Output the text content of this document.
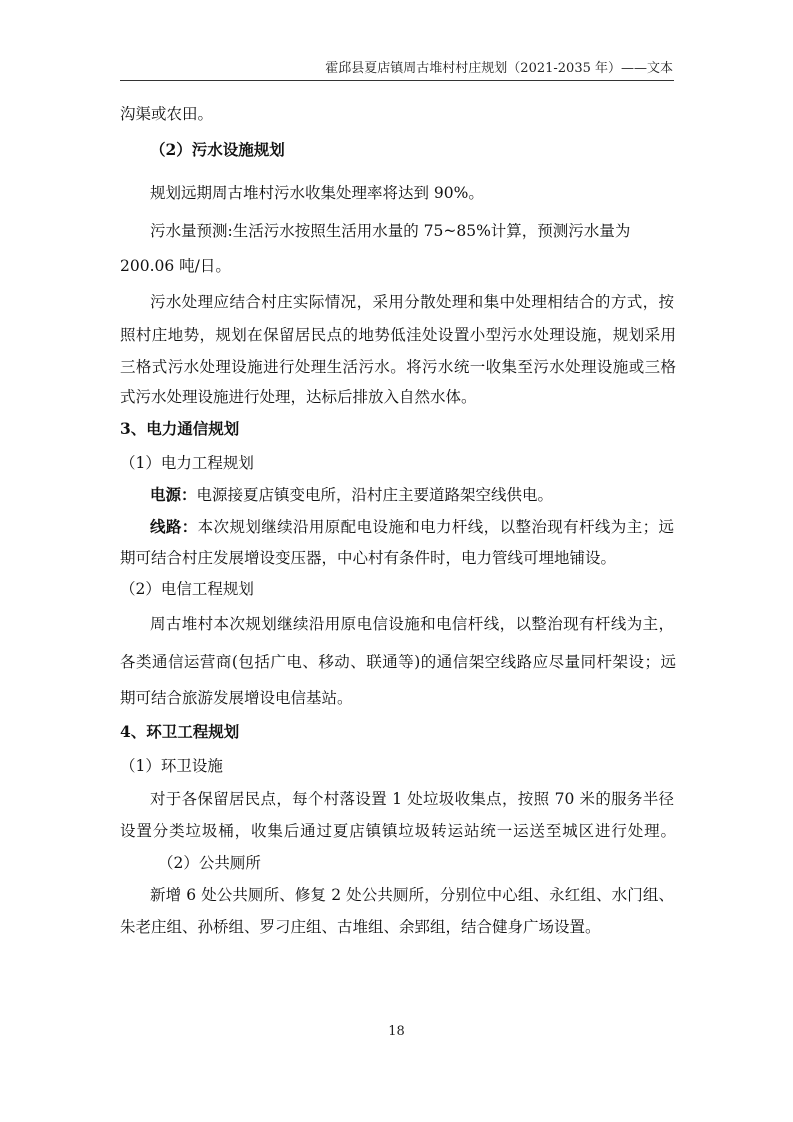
霍邱县夏店镇周古堆村村庄规划（2021-2035 年）——文本
沟渠或农田。
（2）污水设施规划
规划远期周古堆村污水收集处理率将达到 90%。
污水量预测:生活污水按照生活用水量的 75~85%计算，预测污水量为
200.06 吨/日。
污水处理应结合村庄实际情况，采用分散处理和集中处理相结合的方式，按
照村庄地势，规划在保留居民点的地势低洼处设置小型污水处理设施，规划采用
三格式污水处理设施进行处理生活污水。将污水统一收集至污水处理设施或三格
式污水处理设施进行处理，达标后排放入自然水体。
3、电力通信规划
（1）电力工程规划
电源：电源接夏店镇变电所，沿村庄主要道路架空线供电。
线路：本次规划继续沿用原配电设施和电力杆线，以整治现有杆线为主；远
期可结合村庄发展增设变压器，中心村有条件时，电力管线可埋地铺设。
（2）电信工程规划
周古堆村本次规划继续沿用原电信设施和电信杆线，以整治现有杆线为主，
各类通信运营商(包括广电、移动、联通等)的通信架空线路应尽量同杆架设；远
期可结合旅游发展增设电信基站。
4、环卫工程规划
（1）环卫设施
对于各保留居民点，每个村落设置 1 处垃圾收集点，按照 70 米的服务半径
设置分类垃圾桶，收集后通过夏店镇镇垃圾转运站统一运送至城区进行处理。
（2）公共厕所
新增 6 处公共厕所、修复 2 处公共厕所，分别位中心组、永红组、水门组、
朱老庄组、孙桥组、罗刁庄组、古堆组、余郢组，结合健身广场设置。
18
